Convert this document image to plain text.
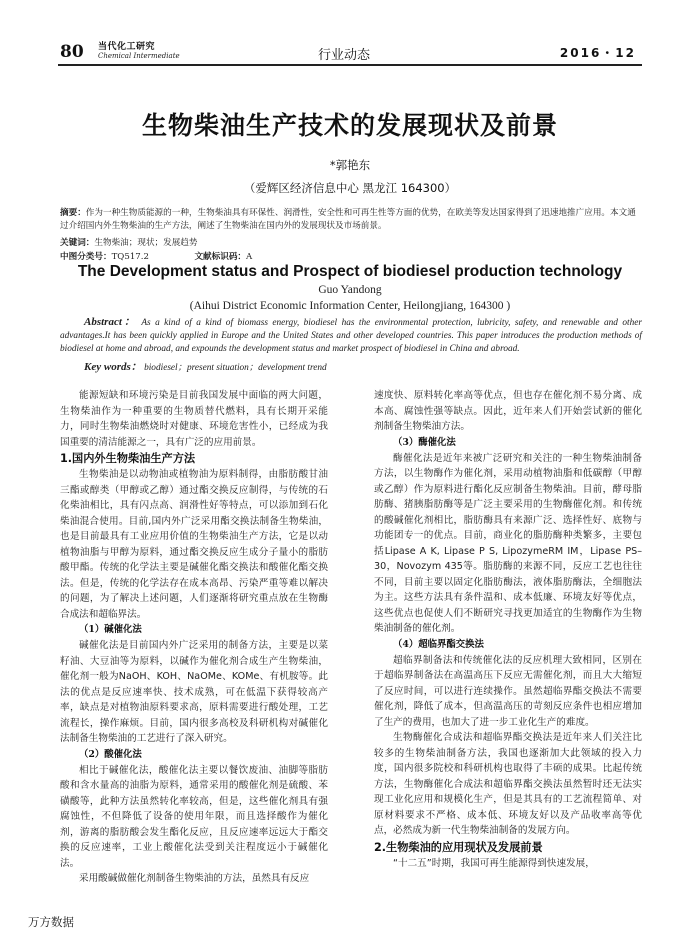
80 当代化工研究
Chemical Intermediate	行业动态	2016・12
生物柴油生产技术的发展现状及前景
*郭艳东
（爱辉区经济信息中心 黑龙江 164300）
摘要：作为一种生物质能源的一种，生物柴油具有环保性、润滑性，安全性和可再生性等方面的优势，在欧美等发达国家得到了迅速地推广应用。本文通过介绍国内外生物柴油的生产方法，阐述了生物柴油在国内外的发展现状及市场前景。
关键词：生物柴油；现状；发展趋势
中图分类号：TQ517.2	文献标识码：A
The Development status and Prospect of biodiesel production technology
Guo Yandong
(Aihui District Economic Information Center, Heilongjiang, 164300 )
Abstract： As a kind of a kind of biomass energy, biodiesel has the environmental protection, lubricity, safety, and renewable and other advantages.It has been quickly applied in Europe and the United States and other developed countries. This paper introduces the production methods of biodiesel at home and abroad, and expounds the development status and market prospect of biodiesel in China and abroad.
Key words： biodiesel；present situation；development trend

能源短缺和环境污染是目前我国发展中面临的两大问题，生物柴油作为一种重要的生物质替代燃料，具有长期开采能力，同时生物柴油燃烧时对健康、环境危害性小，已经成为我国重要的清洁能源之一，具有广泛的应用前景。

1.国内外生物柴油生产方法

生物柴油是以动物油或植物油为原料制得，由脂肪酸甘油三酯或醇类（甲醇或乙醇）通过酯交换反应制得，与传统的石化柴油相比，具有闪点高、润滑性好等特点，可以添加到石化柴油混合使用。目前,国内外广泛采用酯交换法制备生物柴油，也是目前最具有工业应用价值的生物柴油生产方法，它是以动植物油脂与甲醇为原料，通过酯交换反应生成分子量小的脂肪酸甲酯。传统的化学法主要是碱催化酯交换法和酸催化酯交换法。但是，传统的化学法存在成本高昂、污染严重等难以解决的问题，为了解决上述问题，人们逐渐将研究重点放在生物酶合成法和超临界法。

（1）碱催化法

碱催化法是目前国内外广泛采用的制备方法，主要是以菜籽油、大豆油等为原料，以碱作为催化剂合成生产生物柴油，催化剂一般为NaOH、KOH、NaOMe、KOMe、有机胺等。此法的优点是反应速率快、技术成熟，可在低温下获得较高产率，缺点是对植物油原料要求高，原料需要进行酸处理，工艺流程长，操作麻烦。目前，国内很多高校及科研机构对碱催化法制备生物柴油的工艺进行了深入研究。

（2）酸催化法

相比于碱催化法，酸催化法主要以餐饮废油、油脚等脂肪酸和含水量高的油脂为原料，通常采用的酸催化剂是硫酸、苯磺酸等，此种方法虽然转化率较高，但是，这些催化剂具有强腐蚀性，不但降低了设备的使用年限，而且选择酸作为催化剂，游离的脂肪酸会发生酯化反应，且反应速率远远大于酯交换的反应速率，工业上酸催化法受到关注程度远小于碱催化法。

采用酸碱做催化剂制备生物柴油的方法，虽然具有反应

速度快、原料转化率高等优点，但也存在催化剂不易分离、成本高、腐蚀性强等缺点。因此，近年来人们开始尝试新的催化剂制备生物柴油方法。

（3）酶催化法

酶催化法是近年来被广泛研究和关注的一种生物柴油制备方法，以生物酶作为催化剂，采用动植物油脂和低碳醇（甲醇或乙醇）作为原料进行酯化反应制备生物柴油。目前，酵母脂肪酶、猪胰脂肪酶等是广泛主要采用的生物酶催化剂。和传统的酸碱催化剂相比，脂肪酶具有来源广泛、选择性好、底物与功能团专一的优点。目前，商业化的脂肪酶种类繁多，主要包括Lipase A K, Lipase P S, LipozymeRM IM，Lipase PS–30，Novozym 435等。脂肪酶的来源不同，反应工艺也往往不同，目前主要以固定化脂肪酶法，液体脂肪酶法，全细胞法为主。这些方法具有条件温和、成本低廉、环境友好等优点，这些优点也促使人们不断研究寻找更加适宜的生物酶作为生物柴油制备的催化剂。

（4）超临界酯交换法

超临界制备法和传统催化法的反应机理大致相同，区别在于超临界制备法在高温高压下反应无需催化剂，而且大大缩短了反应时间，可以进行连续操作。虽然超临界酯交换法不需要催化剂，降低了成本，但高温高压的苛刻反应条件也相应增加了生产的费用，也加大了进一步工业化生产的难度。

生物酶催化合成法和超临界酯交换法是近年来人们关注比较多的生物柴油制备方法，我国也逐渐加大此领域的投入力度，国内很多院校和科研机构也取得了丰硕的成果。比起传统方法，生物酶催化合成法和超临界酯交换法虽然暂时还无法实现工业化应用和规模化生产，但是其具有的工艺流程简单、对原材料要求不严格、成本低、环境友好以及产品收率高等优点，必然成为新一代生物柴油制备的发展方向。

2.生物柴油的应用现状及发展前景

“十二五”时期，我国可再生能源得到快速发展，

万方数据
